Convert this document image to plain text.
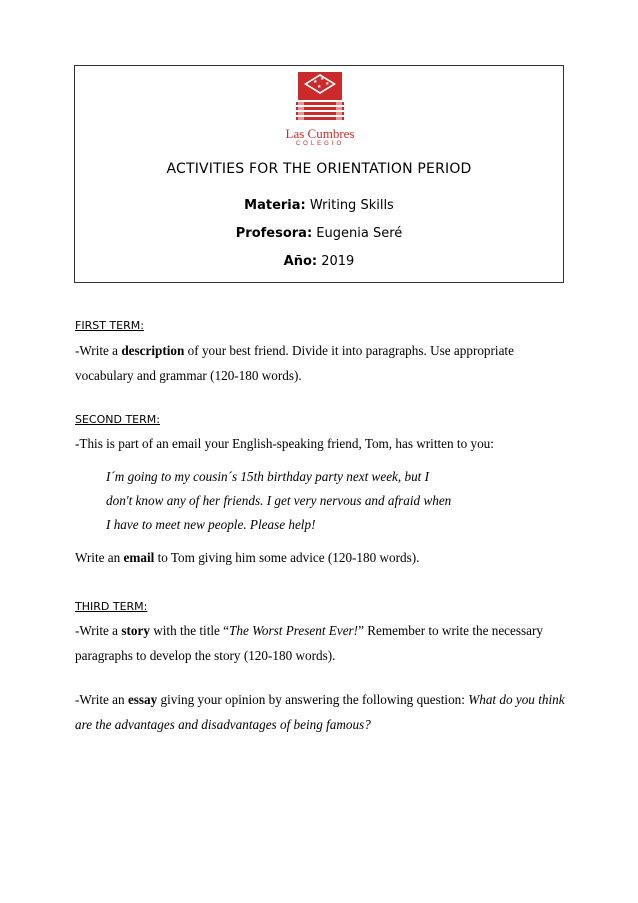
★
★
★
★
Las Cumbres
COLEGIO
ACTIVITIES FOR THE ORIENTATION PERIOD
Materia: Writing Skills
Profesora: Eugenia Seré
Año: 2019
FIRST TERM:
-Write a description of your best friend. Divide it into paragraphs. Use appropriate vocabulary and grammar (120-180 words).
SECOND TERM:
-This is part of an email your English-speaking friend, Tom, has written to you:
I´m going to my cousin´s 15th birthday party next week, but I
don't know any of her friends. I get very nervous and afraid when
I have to meet new people. Please help!
Write an email to Tom giving him some advice (120-180 words).
THIRD TERM:
-Write a story with the title “The Worst Present Ever!” Remember to write the necessary paragraphs to develop the story (120-180 words).
-Write an essay giving your opinion by answering the following question: What do you think are the advantages and disadvantages of being famous?
